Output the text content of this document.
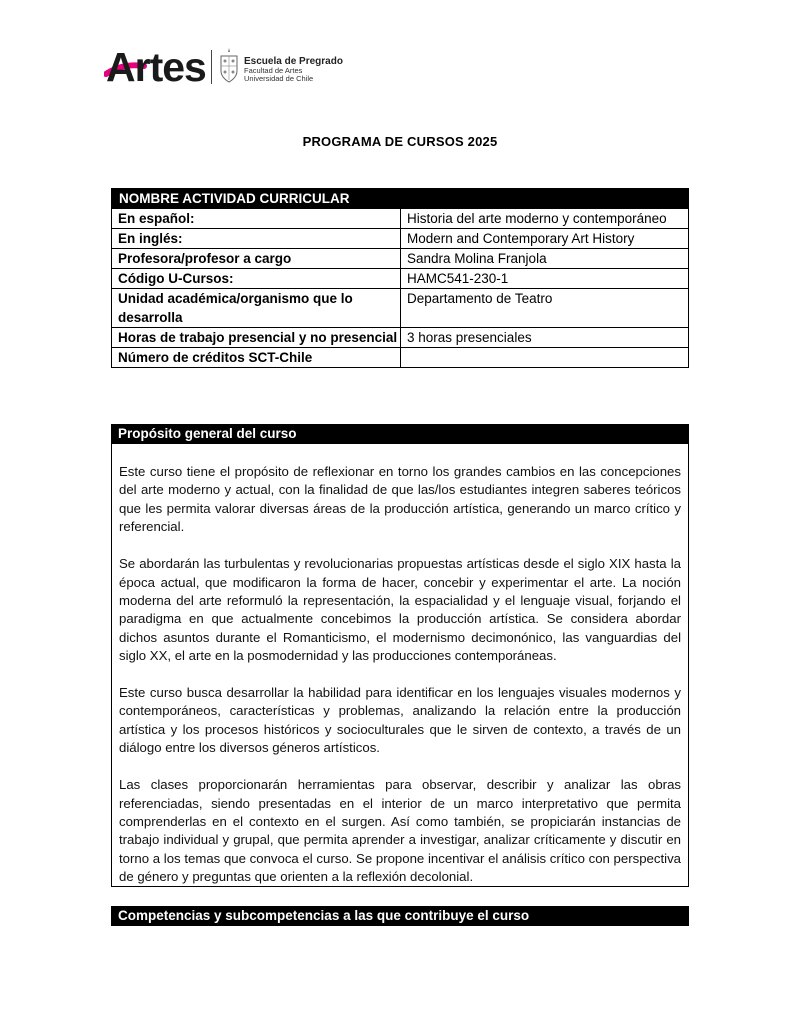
Artes	Escuela de Pregrado
Facultad de Artes
Universidad de Chile
PROGRAMA DE CURSOS 2025
NOMBRE ACTIVIDAD CURRICULAR	
En español:	Historia del arte moderno y contemporáneo
En inglés:	Modern and Contemporary Art History
Profesora/profesor a cargo	Sandra Molina Franjola
Código U-Cursos:	HAMC541-230-1
Unidad académica/organismo que lo desarrolla	Departamento de Teatro
Horas de trabajo presencial y no presencial	3 horas presenciales
Número de créditos SCT-Chile	
Propósito general del curso

Este curso tiene el propósito de reflexionar en torno los grandes cambios en las concepciones del arte moderno y actual, con la finalidad de que las/los estudiantes integren saberes teóricos que les permita valorar diversas áreas de la producción artística, generando un marco crítico y referencial.

Se abordarán las turbulentas y revolucionarias propuestas artísticas desde el siglo XIX hasta la época actual, que modificaron la forma de hacer, concebir y experimentar el arte. La noción moderna del arte reformuló la representación, la espacialidad y el lenguaje visual, forjando el paradigma en que actualmente concebimos la producción artística. Se considera abordar dichos asuntos durante el Romanticismo, el modernismo decimonónico, las vanguardias del siglo XX, el arte en la posmodernidad y las producciones contemporáneas.

Este curso busca desarrollar la habilidad para identificar en los lenguajes visuales modernos y contemporáneos, características y problemas, analizando la relación entre la producción artística y los procesos históricos y socioculturales que le sirven de contexto, a través de un diálogo entre los diversos géneros artísticos.

Las clases proporcionarán herramientas para observar, describir y analizar las obras referenciadas, siendo presentadas en el interior de un marco interpretativo que permita comprenderlas en el contexto en el surgen. Así como también, se propiciarán instancias de trabajo individual y grupal, que permita aprender a investigar, analizar críticamente y discutir en torno a los temas que convoca el curso. Se propone incentivar el análisis crítico con perspectiva de género y preguntas que orienten a la reflexión decolonial.

Competencias y subcompetencias a las que contribuye el curso
